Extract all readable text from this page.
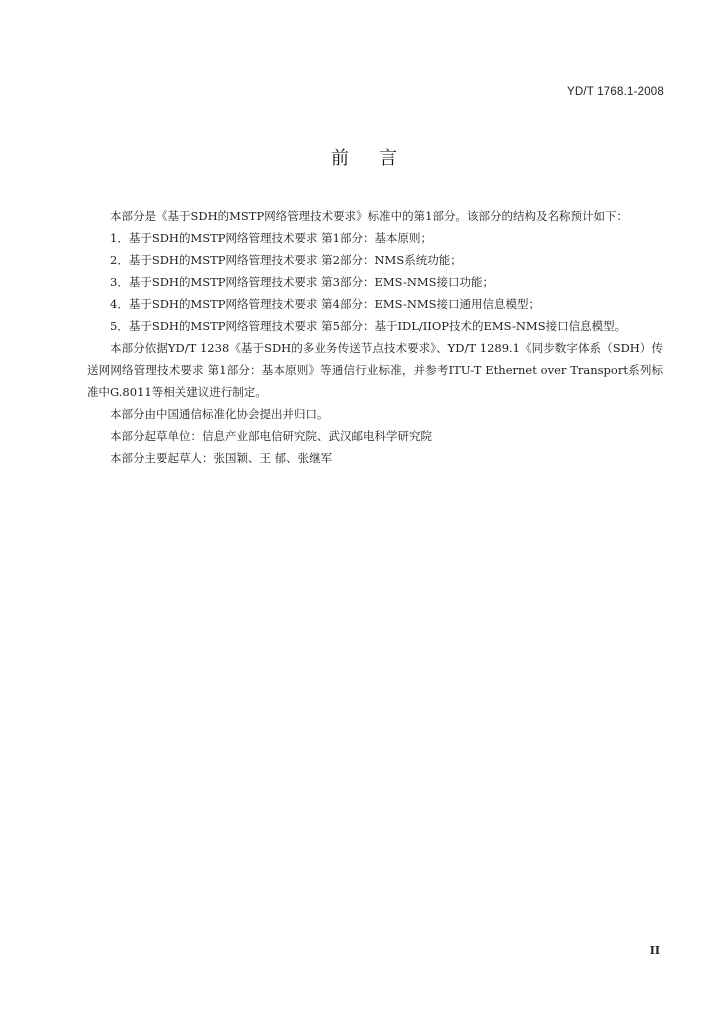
YD/T 1768.1-2008
前言

本部分是《基于SDH的MSTP网络管理技术要求》标准中的第1部分。该部分的结构及名称预计如下：

1．基于SDH的MSTP网络管理技术要求 第1部分：基本原则；

2．基于SDH的MSTP网络管理技术要求 第2部分：NMS系统功能；

3．基于SDH的MSTP网络管理技术要求 第3部分：EMS-NMS接口功能；

4．基于SDH的MSTP网络管理技术要求 第4部分：EMS-NMS接口通用信息模型；

5．基于SDH的MSTP网络管理技术要求 第5部分：基于IDL/IIOP技术的EMS-NMS接口信息模型。

本部分依据YD/T 1238《基于SDH的多业务传送节点技术要求》、YD/T 1289.1《同步数字体系（SDH）传送网网络管理技术要求 第1部分：基本原则》等通信行业标准，并参考ITU-T Ethernet over Transport系列标准中G.8011等相关建议进行制定。

本部分由中国通信标准化协会提出并归口。

本部分起草单位：信息产业部电信研究院、武汉邮电科学研究院

本部分主要起草人：张国颖、王 郁、张继军

II
